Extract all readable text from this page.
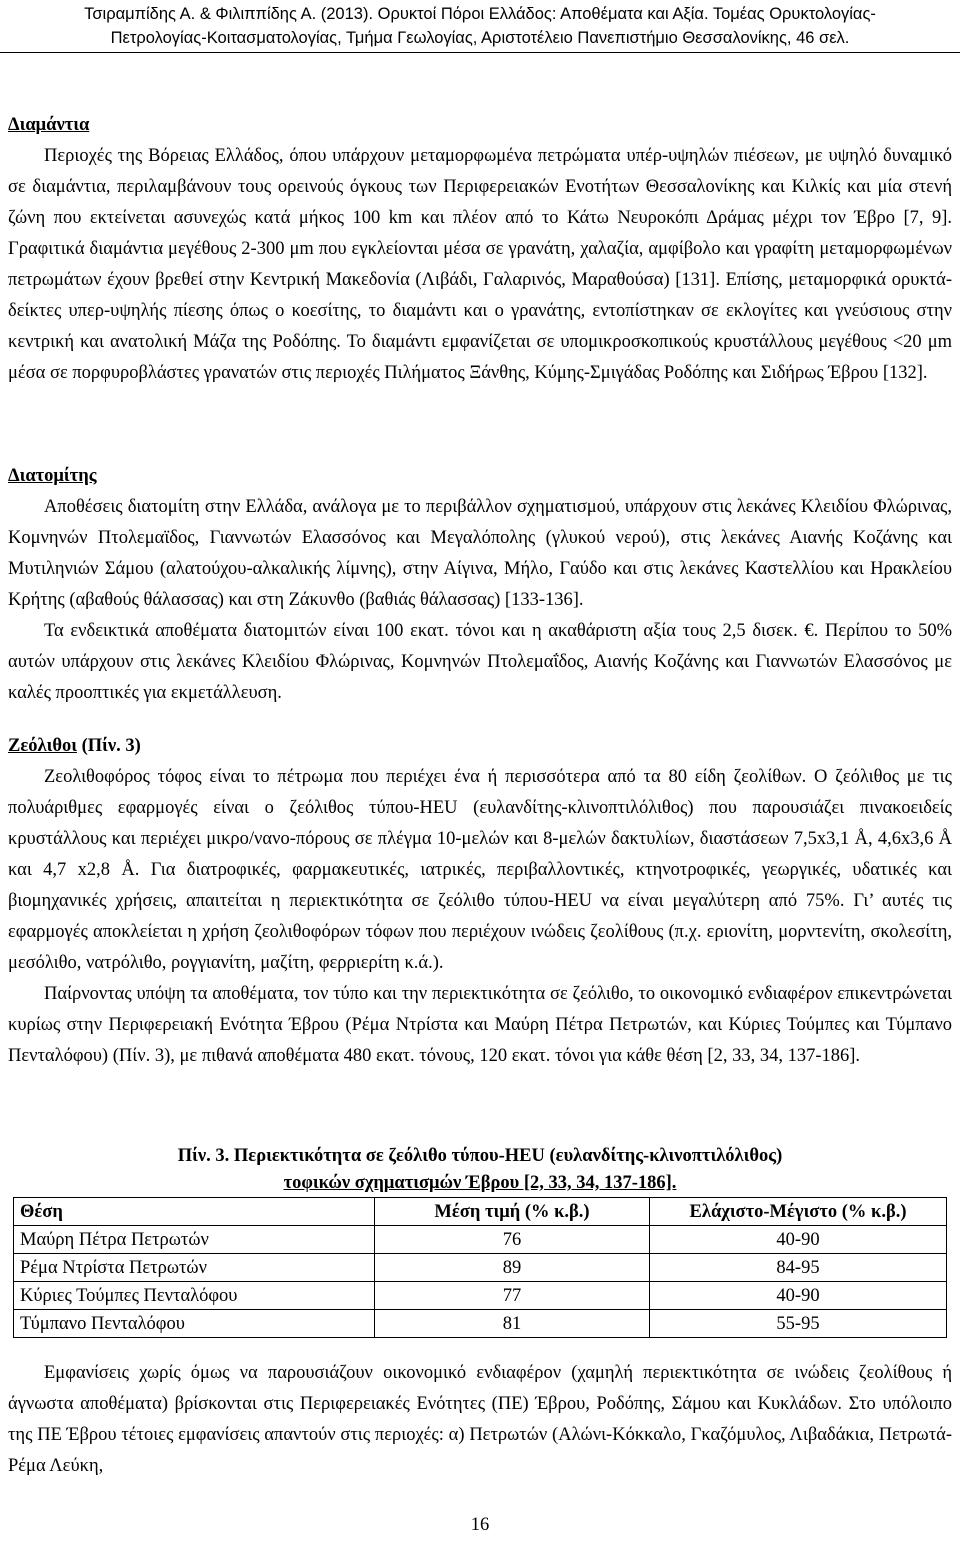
Τσιραμπίδης Α. & Φιλιππίδης Α. (2013). Ορυκτοί Πόροι Ελλάδος: Αποθέματα και Αξία. Τομέας Ορυκτολογίας-
Πετρολογίας-Κοιτασματολογίας, Τμήμα Γεωλογίας, Αριστοτέλειο Πανεπιστήμιο Θεσσαλονίκης, 46 σελ.
Διαμάντια

Περιοχές της Βόρειας Ελλάδος, όπου υπάρχουν μεταμορφωμένα πετρώματα υπέρ-υψηλών πιέσεων, με υψηλό δυναμικό σε διαμάντια, περιλαμβάνουν τους ορεινούς όγκους των Περιφερειακών Ενοτήτων Θεσσαλονίκης και Κιλκίς και μία στενή ζώνη που εκτείνεται ασυνεχώς κατά μήκος 100 km και πλέον από το Κάτω Νευροκόπι Δράμας μέχρι τον Έβρο [7, 9]. Γραφιτικά διαμάντια μεγέθους 2-300 μm που εγκλείονται μέσα σε γρανάτη, χαλαζία, αμφίβολο και γραφίτη μεταμορφωμένων πετρωμάτων έχουν βρεθεί στην Κεντρική Μακεδονία (Λιβάδι, Γαλαρινός, Μαραθούσα) [131]. Επίσης, μεταμορφικά ορυκτά-δείκτες υπερ-υψηλής πίεσης όπως ο κοεσίτης, το διαμάντι και ο γρανάτης, εντοπίστηκαν σε εκλογίτες και γνεύσιους στην κεντρική και ανατολική Μάζα της Ροδόπης. Το διαμάντι εμφανίζεται σε υπομικροσκοπικούς κρυστάλλους μεγέθους <20 μm μέσα σε πορφυροβλάστες γρανατών στις περιοχές Πιλήματος Ξάνθης, Κύμης-Σμιγάδας Ροδόπης και Σιδήρως Έβρου [132].

Διατομίτης

Αποθέσεις διατομίτη στην Ελλάδα, ανάλογα με το περιβάλλον σχηματισμού, υπάρχουν στις λεκάνες Κλειδίου Φλώρινας, Κομνηνών Πτολεμαϊδος, Γιαννωτών Ελασσόνος και Μεγαλόπολης (γλυκού νερού), στις λεκάνες Αιανής Κοζάνης και Μυτιληνιών Σάμου (αλατούχου-αλκαλικής λίμνης), στην Αίγινα, Μήλο, Γαύδο και στις λεκάνες Καστελλίου και Ηρακλείου Κρήτης (αβαθούς θάλασσας) και στη Ζάκυνθο (βαθιάς θάλασσας) [133-136].

Τα ενδεικτικά αποθέματα διατομιτών είναι 100 εκατ. τόνοι και η ακαθάριστη αξία τους 2,5 δισεκ. €. Περίπου το 50% αυτών υπάρχουν στις λεκάνες Κλειδίου Φλώρινας, Κομνηνών Πτολεμαΐδος, Αιανής Κοζάνης και Γιαννωτών Ελασσόνος με καλές προοπτικές για εκμετάλλευση.

Ζεόλιθοι (Πίν. 3)

Ζεολιθοφόρος τόφος είναι το πέτρωμα που περιέχει ένα ή περισσότερα από τα 80 είδη ζεολίθων. Ο ζεόλιθος με τις πολυάριθμες εφαρμογές είναι ο ζεόλιθος τύπου-HEU (ευλανδίτης-κλινοπτιλόλιθος) που παρουσιάζει πινακοειδείς κρυστάλλους και περιέχει μικρο/νανο-πόρους σε πλέγμα 10-μελών και 8-μελών δακτυλίων, διαστάσεων 7,5x3,1 Å, 4,6x3,6 Å και 4,7 x2,8 Å. Για διατροφικές, φαρμακευτικές, ιατρικές, περιβαλλοντικές, κτηνοτροφικές, γεωργικές, υδατικές και βιομηχανικές χρήσεις, απαιτείται η περιεκτικότητα σε ζεόλιθο τύπου-HEU να είναι μεγαλύτερη από 75%. Γι’ αυτές τις εφαρμογές αποκλείεται η χρήση ζεολιθοφόρων τόφων που περιέχουν ινώδεις ζεολίθους (π.χ. εριονίτη, μορντενίτη, σκολεσίτη, μεσόλιθο, νατρόλιθο, ρογγιανίτη, μαζίτη, φερριερίτη κ.ά.).

Παίρνοντας υπόψη τα αποθέματα, τον τύπο και την περιεκτικότητα σε ζεόλιθο, το οικονομικό ενδιαφέρον επικεντρώνεται κυρίως στην Περιφερειακή Ενότητα Έβρου (Ρέμα Ντρίστα και Μαύρη Πέτρα Πετρωτών, και Κύριες Τούμπες και Τύμπανο Πενταλόφου) (Πίν. 3), με πιθανά αποθέματα 480 εκατ. τόνους, 120 εκατ. τόνοι για κάθε θέση [2, 33, 34, 137-186].

Πίν. 3. Περιεκτικότητα σε ζεόλιθο τύπου-HEU (ευλανδίτης-κλινοπτιλόλιθος)
τοφικών σχηματισμών Έβρου [2, 33, 34, 137-186].
Θέση	Μέση τιμή (% κ.β.)	Ελάχιστο-Μέγιστο (% κ.β.)
Μαύρη Πέτρα Πετρωτών	76	40-90
Ρέμα Ντρίστα Πετρωτών	89	84-95
Κύριες Τούμπες Πενταλόφου	77	40-90
Τύμπανο Πενταλόφου	81	55-95

Εμφανίσεις χωρίς όμως να παρουσιάζουν οικονομικό ενδιαφέρον (χαμηλή περιεκτικότητα σε ινώδεις ζεολίθους ή άγνωστα αποθέματα) βρίσκονται στις Περιφερειακές Ενότητες (ΠΕ) Έβρου, Ροδόπης, Σάμου και Κυκλάδων. Στο υπόλοιπο της ΠΕ Έβρου τέτοιες εμφανίσεις απαντούν στις περιοχές: α) Πετρωτών (Αλώνι-Κόκκαλο, Γκαζόμυλος, Λιβαδάκια, Πετρωτά-Ρέμα Λεύκη,

16
